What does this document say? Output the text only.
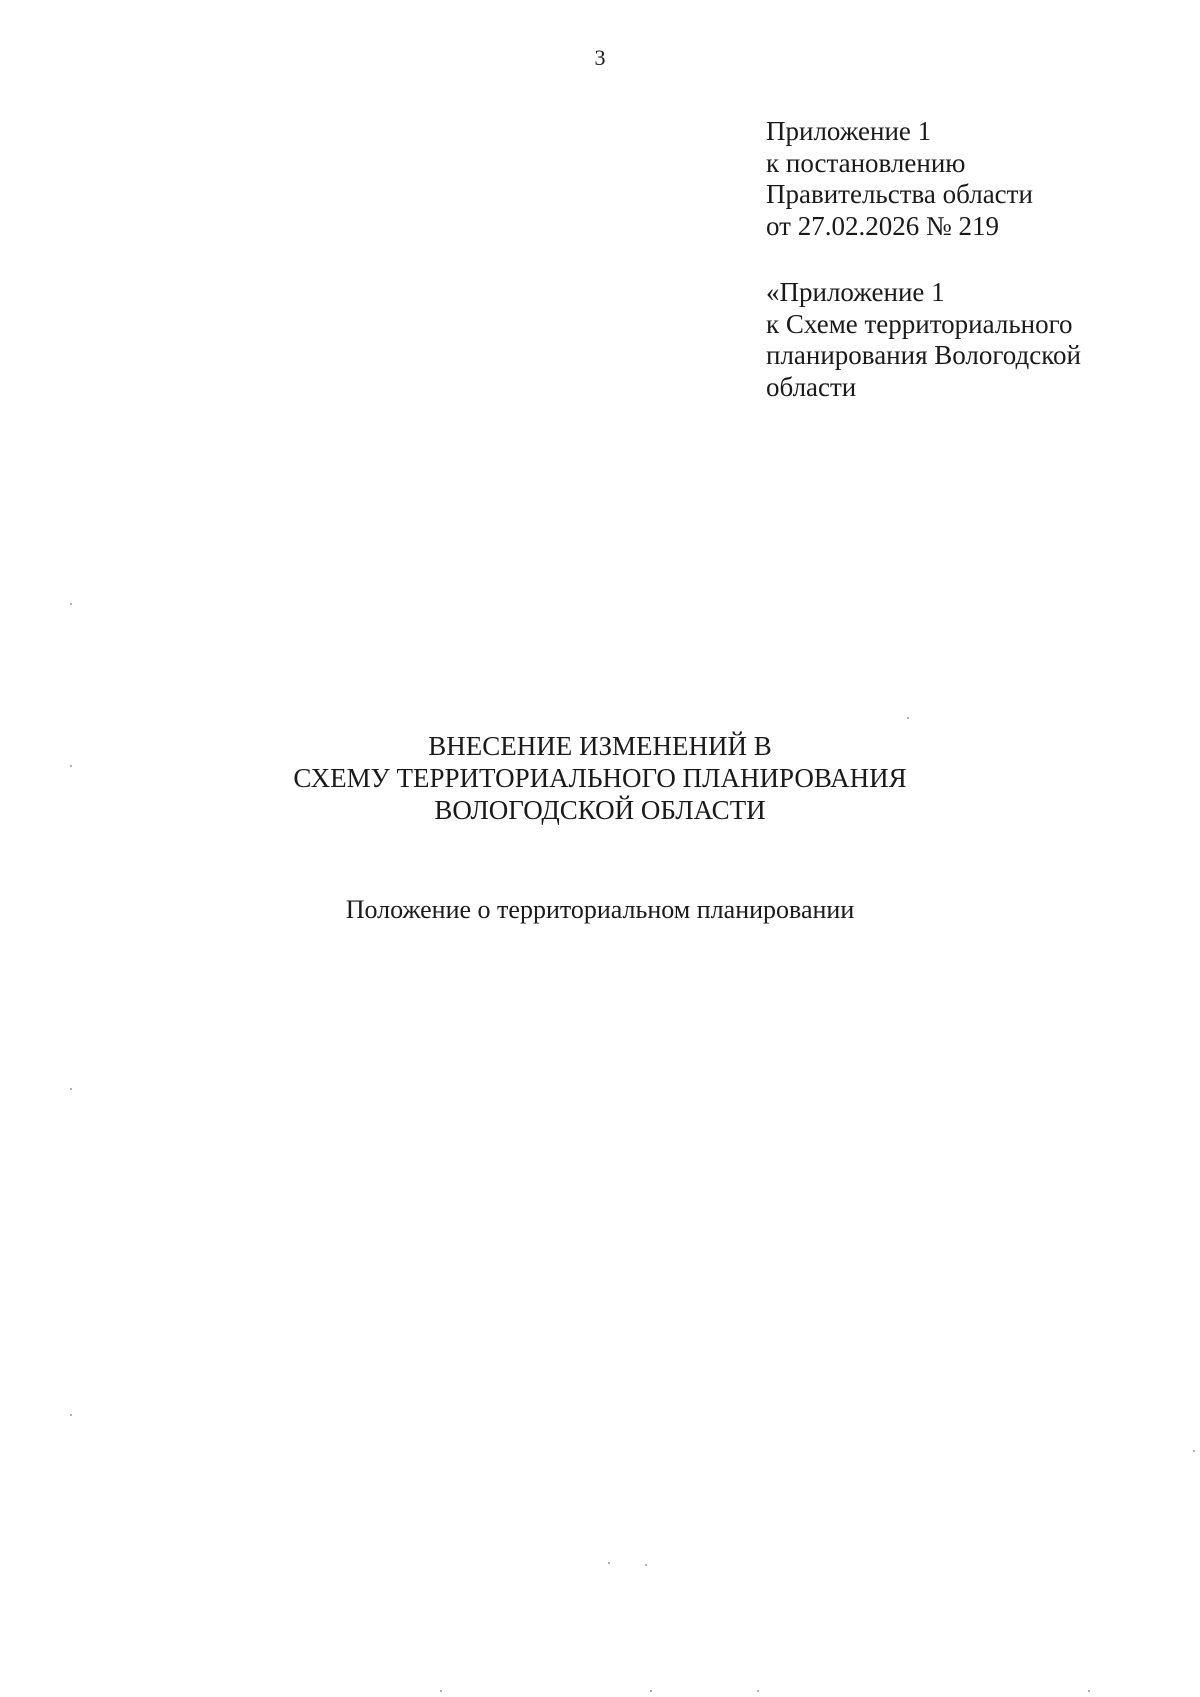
3
Приложение 1
к постановлению
Правительства области
от 27.02.2026 № 219
«Приложение 1
к Схеме территориального
планирования Вологодской
области
ВНЕСЕНИЕ ИЗМЕНЕНИЙ В
СХЕМУ ТЕРРИТОРИАЛЬНОГО ПЛАНИРОВАНИЯ
ВОЛОГОДСКОЙ ОБЛАСТИ
Положение о территориальном планировании
